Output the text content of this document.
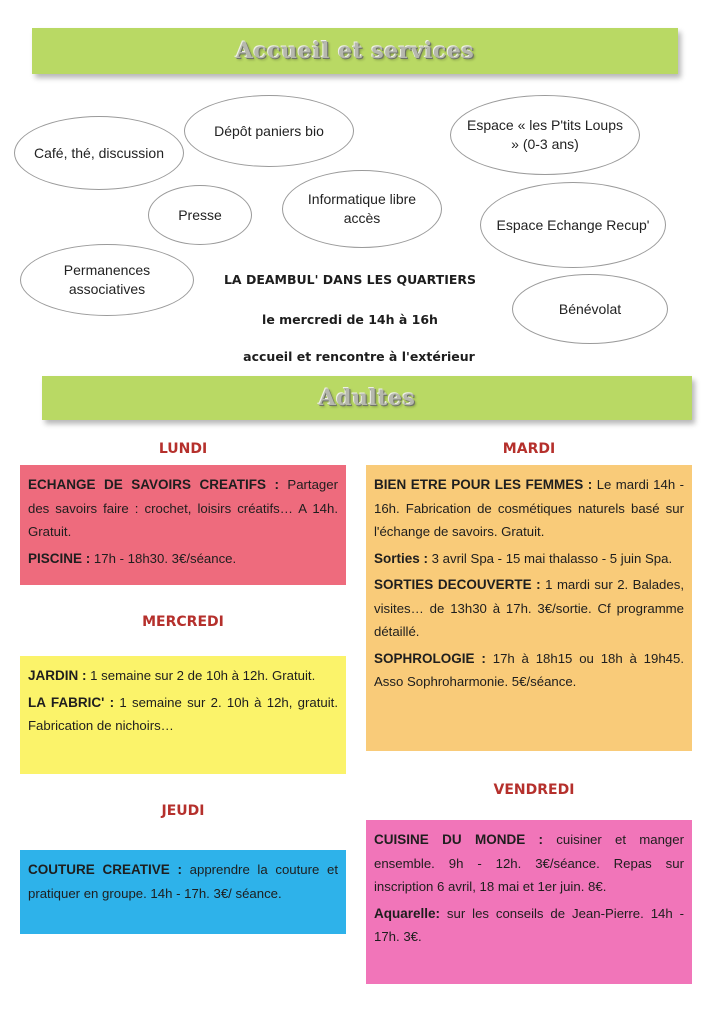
Accueil et services
Café, thé, discussion
Dépôt paniers bio	Espace « les P'tits Loups » (0-3 ans)
Presse
Informatique libre accès	Espace Echange Recup'
Permanences associatives
Bénévolat
LA DEAMBUL' DANS LES QUARTIERS
le mercredi de 14h à 16h
accueil et rencontre à l'extérieur
Adultes
LUNDI

ECHANGE DE SAVOIRS CREATIFS : Partager des savoirs faire : crochet, loisirs créatifs… A 14h. Gratuit.

PISCINE : 17h - 18h30. 3€/séance.

MERCREDI

JARDIN : 1 semaine sur 2 de 10h à 12h. Gratuit.

LA FABRIC' : 1 semaine sur 2. 10h à 12h, gratuit. Fabrication de nichoirs…

JEUDI

COUTURE CREATIVE : apprendre la couture et pratiquer en groupe. 14h - 17h. 3€/ séance.

MARDI

BIEN ETRE POUR LES FEMMES : Le mardi 14h - 16h. Fabrication de cosmétiques naturels basé sur l'échange de savoirs. Gratuit.

Sorties : 3 avril Spa - 15 mai thalasso - 5 juin Spa.

SORTIES DECOUVERTE : 1 mardi sur 2. Balades, visites… de 13h30 à 17h. 3€/sortie. Cf programme détaillé.

SOPHROLOGIE : 17h à 18h15 ou 18h à 19h45. Asso Sophroharmonie. 5€/séance.

VENDREDI

CUISINE DU MONDE : cuisiner et manger ensemble. 9h - 12h. 3€/séance. Repas sur inscription 6 avril, 18 mai et 1er juin. 8€.

Aquarelle: sur les conseils de Jean-Pierre. 14h - 17h. 3€.
